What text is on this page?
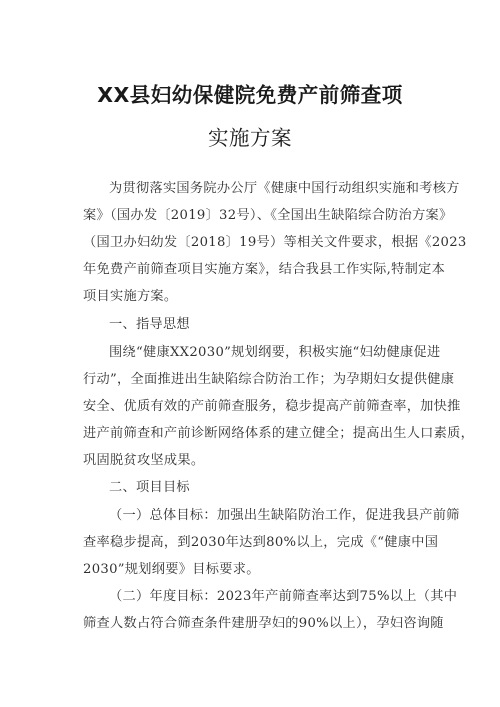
XX县妇幼保健院免费产前筛查项
实施方案
为贯彻落实国务院办公厅《健康中国行动组织实施和考核方
案》（国办发〔2019〕32号）、《全国出生缺陷综合防治方案》
（国卫办妇幼发〔2018〕19号）等相关文件要求，根据《2023
年免费产前筛查项目实施方案》，结合我县工作实际,特制定本
项目实施方案。
一、指导思想
围绕“健康XX2030”规划纲要，积极实施“妇幼健康促进
行动”，全面推进出生缺陷综合防治工作；为孕期妇女提供健康
安全、优质有效的产前筛查服务，稳步提高产前筛查率，加快推
进产前筛查和产前诊断网络体系的建立健全；提高出生人口素质，
巩固脱贫攻坚成果。
二、项目目标
（一）总体目标：加强出生缺陷防治工作，促进我县产前筛
查率稳步提高，到2030年达到80%以上，完成《“健康中国
2030”规划纲要》目标要求。
（二）年度目标：2023年产前筛查率达到75%以上（其中
筛查人数占符合筛查条件建册孕妇的90%以上），孕妇咨询随
